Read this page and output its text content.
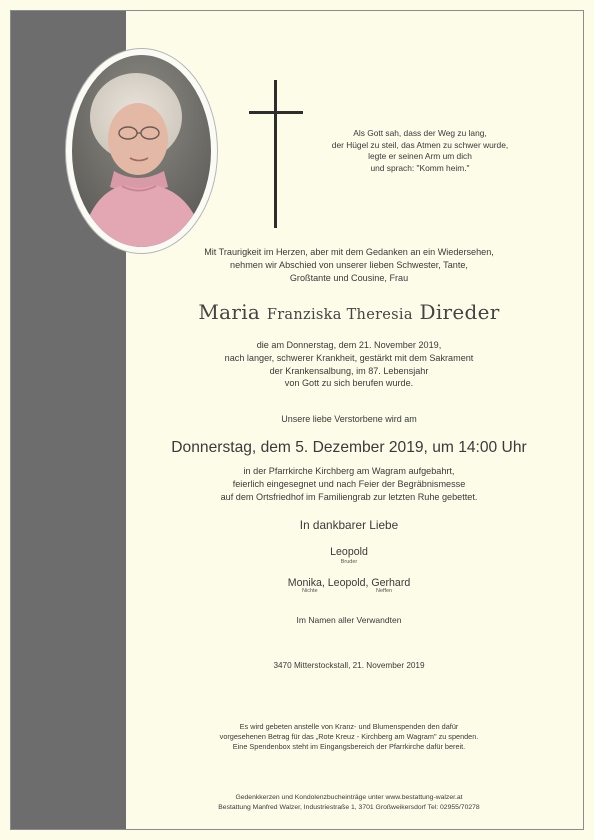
Als Gott sah, dass der Weg zu lang,
der Hügel zu steil, das Atmen zu schwer wurde,
legte er seinen Arm um dich
und sprach: "Komm heim."
Mit Traurigkeit im Herzen, aber mit dem Gedanken an ein Wiedersehen,
nehmen wir Abschied von unserer lieben Schwester, Tante,
Großtante und Cousine, Frau
Maria Franziska Theresia Direder
die am Donnerstag, dem 21. November 2019,
nach langer, schwerer Krankheit, gestärkt mit dem Sakrament
der Krankensalbung, im 87. Lebensjahr
von Gott zu sich berufen wurde.
Unsere liebe Verstorbene wird am
Donnerstag, dem 5. Dezember 2019, um 14:00 Uhr
in der Pfarrkirche Kirchberg am Wagram aufgebahrt,
feierlich eingesegnet und nach Feier der Begräbnismesse
auf dem Ortsfriedhof im Familiengrab zur letzten Ruhe gebettet.
In dankbarer Liebe
Leopold
Bruder
Monika, Leopold, Gerhard
Nichte	Neffen
Im Namen aller Verwandten
3470 Mitterstockstall, 21. November 2019
Es wird gebeten anstelle von Kranz- und Blumenspenden den dafür
vorgesehenen Betrag für das „Rote Kreuz - Kirchberg am Wagram" zu spenden.
Eine Spendenbox steht im Eingangsbereich der Pfarrkirche dafür bereit.
Gedenkkerzen und Kondolenzbucheinträge unter www.bestattung-walzer.at
Bestattung Manfred Walzer, Industriestraße 1, 3701 Großweikersdorf Tel: 02955/70278
